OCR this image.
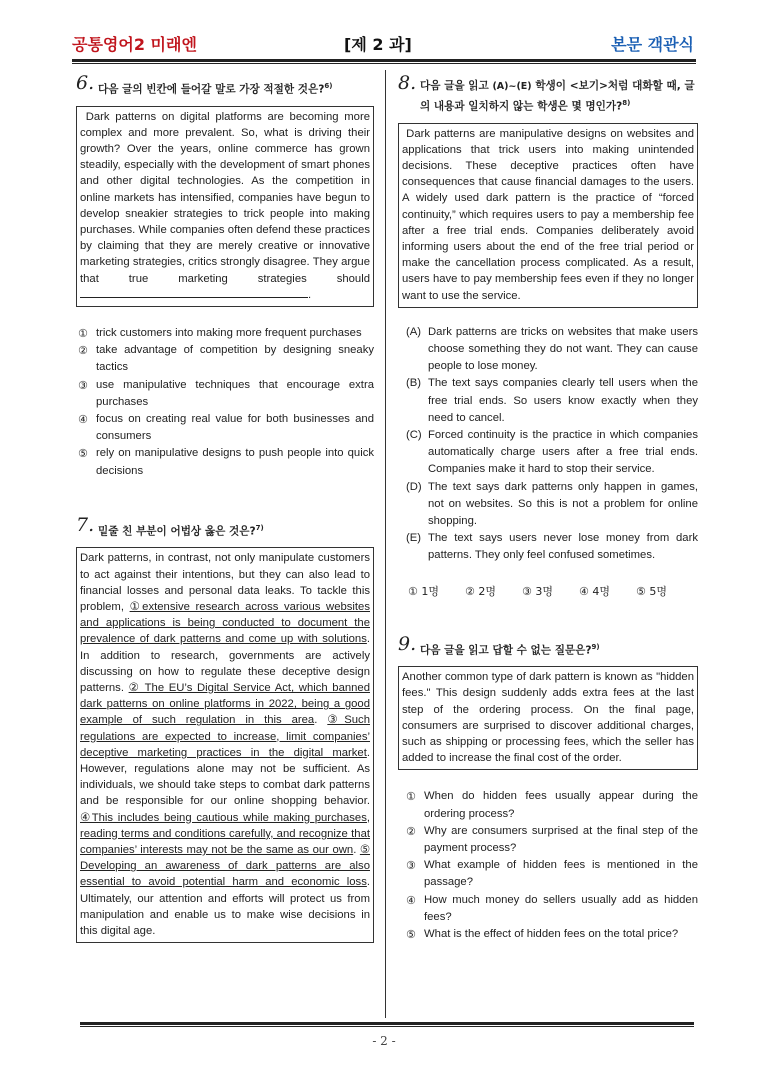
공통영어2 미래엔	[제 2 과]	본문 객관식
6. 다음 글의 빈칸에 들어갈 말로 가장 적절한 것은?$^{6)}$
Dark patterns on digital platforms are becoming more complex and more prevalent. So, what is driving their growth? Over the years, online commerce has grown steadily, especially with the development of smart phones and other digital technologies. As the competition in online markets has intensified, companies have begun to develop sneakier strategies to trick people into making purchases. While companies often defend these practices by claiming that they are merely creative or innovative marketing strategies, critics strongly disagree. They argue that true marketing strategies should .
① trick customers into making more frequent purchases
② take advantage of competition by designing sneaky tactics
③ use manipulative techniques that encourage extra purchases
④ focus on creating real value for both businesses and consumers
⑤ rely on manipulative designs to push people into quick decisions
7. 밑줄 친 부분이 어법상 옳은 것은?$^{7)}$
Dark patterns, in contrast, not only manipulate customers to act against their intentions, but they can also lead to financial losses and personal data leaks. To tackle this problem, ①extensive research across various websites and applications is being conducted to document the prevalence of dark patterns and come up with solutions. In addition to research, governments are actively discussing on how to regulate these deceptive design patterns. ② The EU’s Digital Service Act, which banned dark patterns on online platforms in 2022, being a good example of such regulation in this area. ③Such regulations are expected to increase, limit companies’ deceptive marketing practices in the digital market. However, regulations alone may not be sufficient. As individuals, we should take steps to combat dark patterns and be responsible for our online shopping behavior. ④This includes being cautious while making purchases, reading terms and conditions carefully, and recognize that companies’ interests may not be the same as our own. ⑤ Developing an awareness of dark patterns are also essential to avoid potential harm and economic loss. Ultimately, our attention and efforts will protect us from manipulation and enable us to make wise decisions in this digital age.
8. 다음 글을 읽고 (A)~(E) 학생이 <보기>처럼 대화할 때, 글의 내용과 일치하지 않는 학생은 몇 명인가?$^{8)}$
Dark patterns are manipulative designs on websites and applications that trick users into making unintended decisions. These deceptive practices often have consequences that cause financial damages to the users. A widely used dark pattern is the practice of “forced continuity,” which requires users to pay a membership fee after a free trial ends. Companies deliberately avoid informing users about the end of the free trial period or make the cancellation process complicated. As a result, users have to pay membership fees even if they no longer want to use the service.
(A) Dark patterns are tricks on websites that make users choose something they do not want. They can cause people to lose money.
(B) The text says companies clearly tell users when the free trial ends. So users know exactly when they need to cancel.
(C) Forced continuity is the practice in which companies automatically charge users after a free trial ends. Companies make it hard to stop their service.
(D) The text says dark patterns only happen in games, not on websites. So this is not a problem for online shopping.
(E) The text says users never lose money from dark patterns. They only feel confused sometimes.
① 1명	② 2명	③ 3명	④ 4명	⑤ 5명
9. 다음 글을 읽고 답할 수 없는 질문은?$^{9)}$
Another common type of dark pattern is known as "hidden fees." This design suddenly adds extra fees at the last step of the ordering process. On the final page, consumers are surprised to discover additional charges, such as shipping or processing fees, which the seller has added to increase the final cost of the order.
① When do hidden fees usually appear during the ordering process?
② Why are consumers surprised at the final step of the payment process?
③ What example of hidden fees is mentioned in the passage?
④ How much money do sellers usually add as hidden fees?
⑤ What is the effect of hidden fees on the total price?
- 2 -
